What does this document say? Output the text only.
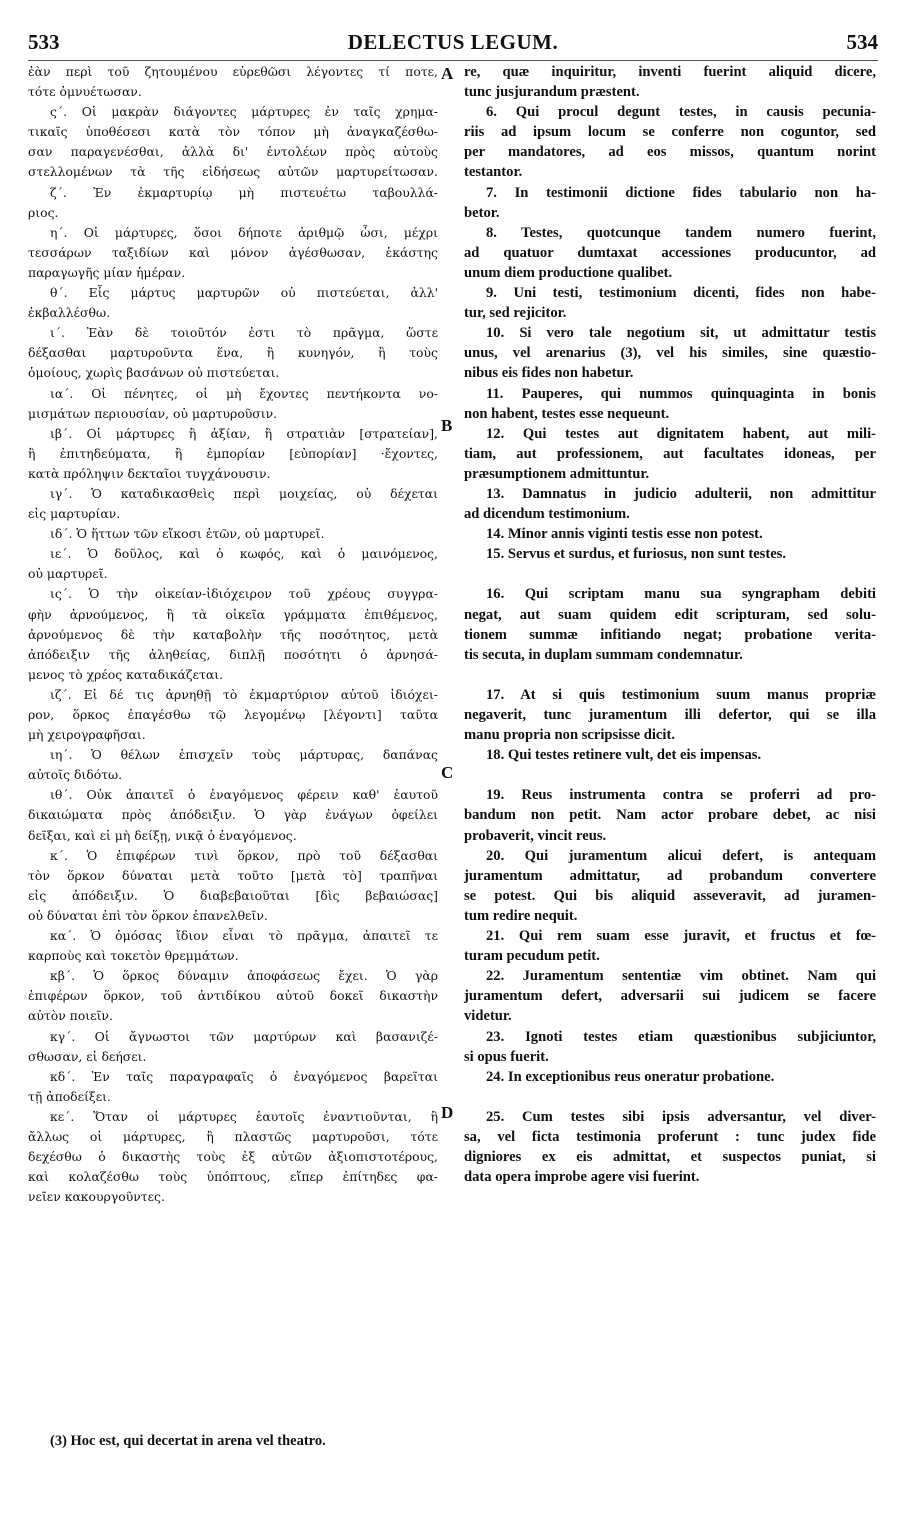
533	DELECTUS LEGUM.	534
ἐὰν περὶ τοῦ ζητουμένου εὑρεθῶσι λέγοντες τί ποτε,
τότε ὀμνυέτωσαν.
ς΄. Οἱ μακρὰν διάγοντες μάρτυρες ἐν ταῖς χρημα-
τικαῖς ὑποθέσεσι κατὰ τὸν τόπον μὴ ἀναγκαζέσθω-
σαν παραγενέσθαι, ἀλλὰ δι' ἐντολέων πρὸς αὐτοὺς
στελλομένων τὰ τῆς εἰδήσεως αὐτῶν μαρτυρείτωσαν.
ζ΄. Ἐν ἐκμαρτυρίῳ μὴ πιστευέτω ταβουλλά-
ριος.
η΄. Οἱ μάρτυρες, ὅσοι δήποτε ἀριθμῷ ὦσι, μέχρι
τεσσάρων ταξιδίων καὶ μόνον ἀγέσθωσαν, ἑκάστης
παραγωγῆς μίαν ἡμέραν.
θ΄. Εἷς μάρτυς μαρτυρῶν οὐ πιστεύεται, ἀλλ'
ἐκβαλλέσθω.
ι΄. Ἐὰν δὲ τοιοῦτόν ἐστι τὸ πρᾶγμα, ὥστε
δέξασθαι μαρτυροῦντα ἕνα, ἢ κυνηγόν, ἢ τοὺς
ὁμοίους, χωρὶς βασάνων οὐ πιστεύεται.
ια΄. Οἱ πένητες, οἱ μὴ ἔχοντες πεντήκοντα νο-
μισμάτων περιουσίαν, οὐ μαρτυροῦσιν.
ιβ΄. Οἱ μάρτυρες ἢ ἀξίαν, ἢ στρατιὰν [στρατείαν],
ἢ ἐπιτηδεύματα, ἢ ἐμπορίαν [εὐπορίαν] ·ἔχοντες,
κατὰ πρόληψιν δεκταῖοι τυγχάνουσιν.
ιγ΄. Ὁ καταδικασθεὶς περὶ μοιχείας, οὐ δέχεται
εἰς μαρτυρίαν.
ιδ΄. Ὁ ἥττων τῶν εἴκοσι ἐτῶν, οὐ μαρτυρεῖ.
ιε΄. Ὁ δοῦλος, καὶ ὁ κωφός, καὶ ὁ μαινόμενος,
οὐ μαρτυρεῖ.
ις΄. Ὁ τὴν οἰκείαν-ἰδιόχειρον τοῦ χρέους συγγρα-
φὴν ἀρνούμενος, ἢ τὰ οἰκεῖα γράμματα ἐπιθέμενος,
ἀρνούμενος δὲ τὴν καταβολὴν τῆς ποσότητος, μετὰ
ἀπόδειξιν τῆς ἀληθείας, διπλῇ ποσότητι ὁ ἀρνησά-
μενος τὸ χρέος καταδικάζεται.
ιζ΄. Εἰ δέ τις ἀρνηθῇ τὸ ἐκμαρτύριον αὐτοῦ ἰδιόχει-
ρον, ὅρκος ἐπαγέσθω τῷ λεγομένῳ [λέγοντι] ταῦτα
μὴ χειρογραφῆσαι.
ιη΄. Ὁ θέλων ἐπισχεῖν τοὺς μάρτυρας, δαπάνας
αὐτοῖς διδότω.
ιθ΄. Οὐκ ἀπαιτεῖ ὁ ἐναγόμενος φέρειν καθ' ἑαυτοῦ
δικαιώματα πρὸς ἀπόδειξιν. Ὁ γὰρ ἐνάγων ὀφείλει
δεῖξαι, καὶ εἰ μὴ δείξῃ, νικᾷ ὁ ἐναγόμενος.
κ΄. Ὁ ἐπιφέρων τινὶ ὅρκον, πρὸ τοῦ δέξασθαι
τὸν ὅρκον δύναται μετὰ τοῦτο [μετὰ τὸ] τραπῆναι
εἰς ἀπόδειξιν. Ὁ διαβεβαιοῦται [δὶς βεβαιώσας]
οὐ δύναται ἐπὶ τὸν ὅρκον ἐπανελθεῖν.
κα΄. Ὁ ὀμόσας ἴδιον εἶναι τὸ πρᾶγμα, ἀπαιτεῖ τε
καρποὺς καὶ τοκετὸν θρεμμάτων.
κβ΄. Ὁ ὅρκος δύναμιν ἀποφάσεως ἔχει. Ὁ γὰρ
ἐπιφέρων ὅρκον, τοῦ ἀντιδίκου αὐτοῦ δοκεῖ δικαστὴν
αὐτὸν ποιεῖν.
κγ΄. Οἱ ἄγνωστοι τῶν μαρτύρων καὶ βασανιζέ-
σθωσαν, εἰ δεήσει.
κδ΄. Ἐν ταῖς παραγραφαῖς ὁ ἐναγόμενος βαρεῖται
τῇ ἀποδείξει.
κε΄. Ὅταν οἱ μάρτυρες ἑαυτοῖς ἐναντιοῦνται, ἢ
ἄλλως οἱ μάρτυρες, ἢ πλαστῶς μαρτυροῦσι, τότε
δεχέσθω ὁ δικαστὴς τοὺς ἐξ αὐτῶν ἀξιοπιστοτέρους,
καὶ κολαζέσθω τοὺς ὑπόπτους, εἴπερ ἐπίτηδες φα-
νεῖεν κακουργοῦντες.
re, quæ inquiritur, inventi fuerint aliquid dicere,
tunc jusjurandum præstent.
6. Qui procul degunt testes, in causis pecunia-
riis ad ipsum locum se conferre non coguntor, sed
per mandatores, ad eos missos, quantum norint
testantor.
7. In testimonii dictione fides tabulario non ha-
betor.
8. Testes, quotcunque tandem numero fuerint,
ad quatuor dumtaxat accessiones producuntor, ad
unum diem productione qualibet.
9. Uni testi, testimonium dicenti, fides non habe-
tur, sed rejicitor.
10. Si vero tale negotium sit, ut admittatur testis
unus, vel arenarius (3), vel his similes, sine quæstio-
nibus eis fides non habetur.
11. Pauperes, qui nummos quinquaginta in bonis
non habent, testes esse nequeunt.
12. Qui testes aut dignitatem habent, aut mili-
tiam, aut professionem, aut facultates idoneas, per
præsumptionem admittuntur.
13. Damnatus in judicio adulterii, non admittitur
ad dicendum testimonium.
14. Minor annis viginti testis esse non potest.
15. Servus et surdus, et furiosus, non sunt testes.
16. Qui scriptam manu sua syngrapham debiti
negat, aut suam quidem edit scripturam, sed solu-
tionem summæ infitiando negat; probatione verita-
tis secuta, in duplam summam condemnatur.
17. At si quis testimonium suum manus propriæ
negaverit, tunc juramentum illi defertor, qui se illa
manu propria non scripsisse dicit.
18. Qui testes retinere vult, det eis impensas.
19. Reus instrumenta contra se proferri ad pro-
bandum non petit. Nam actor probare debet, ac nisi
probaverit, vincit reus.
20. Qui juramentum alicui defert, is antequam
juramentum admittatur, ad probandum convertere
se potest. Qui bis aliquid asseveravit, ad juramen-
tum redire nequit.
21. Qui rem suam esse juravit, et fructus et fœ-
turam pecudum petit.
22. Juramentum sententiæ vim obtinet. Nam qui
juramentum defert, adversarii sui judicem se facere
videtur.
23. Ignoti testes etiam quæstionibus subjiciuntor,
si opus fuerit.
24. In exceptionibus reus oneratur probatione.
25. Cum testes sibi ipsis adversantur, vel diver-
sa, vel ficta testimonia proferunt : tunc judex fide
digniores ex eis admittat, et suspectos puniat, si
data opera improbe agere visi fuerint.
A
B
C
D
(3) Hoc est, qui decertat in arena vel theatro.
